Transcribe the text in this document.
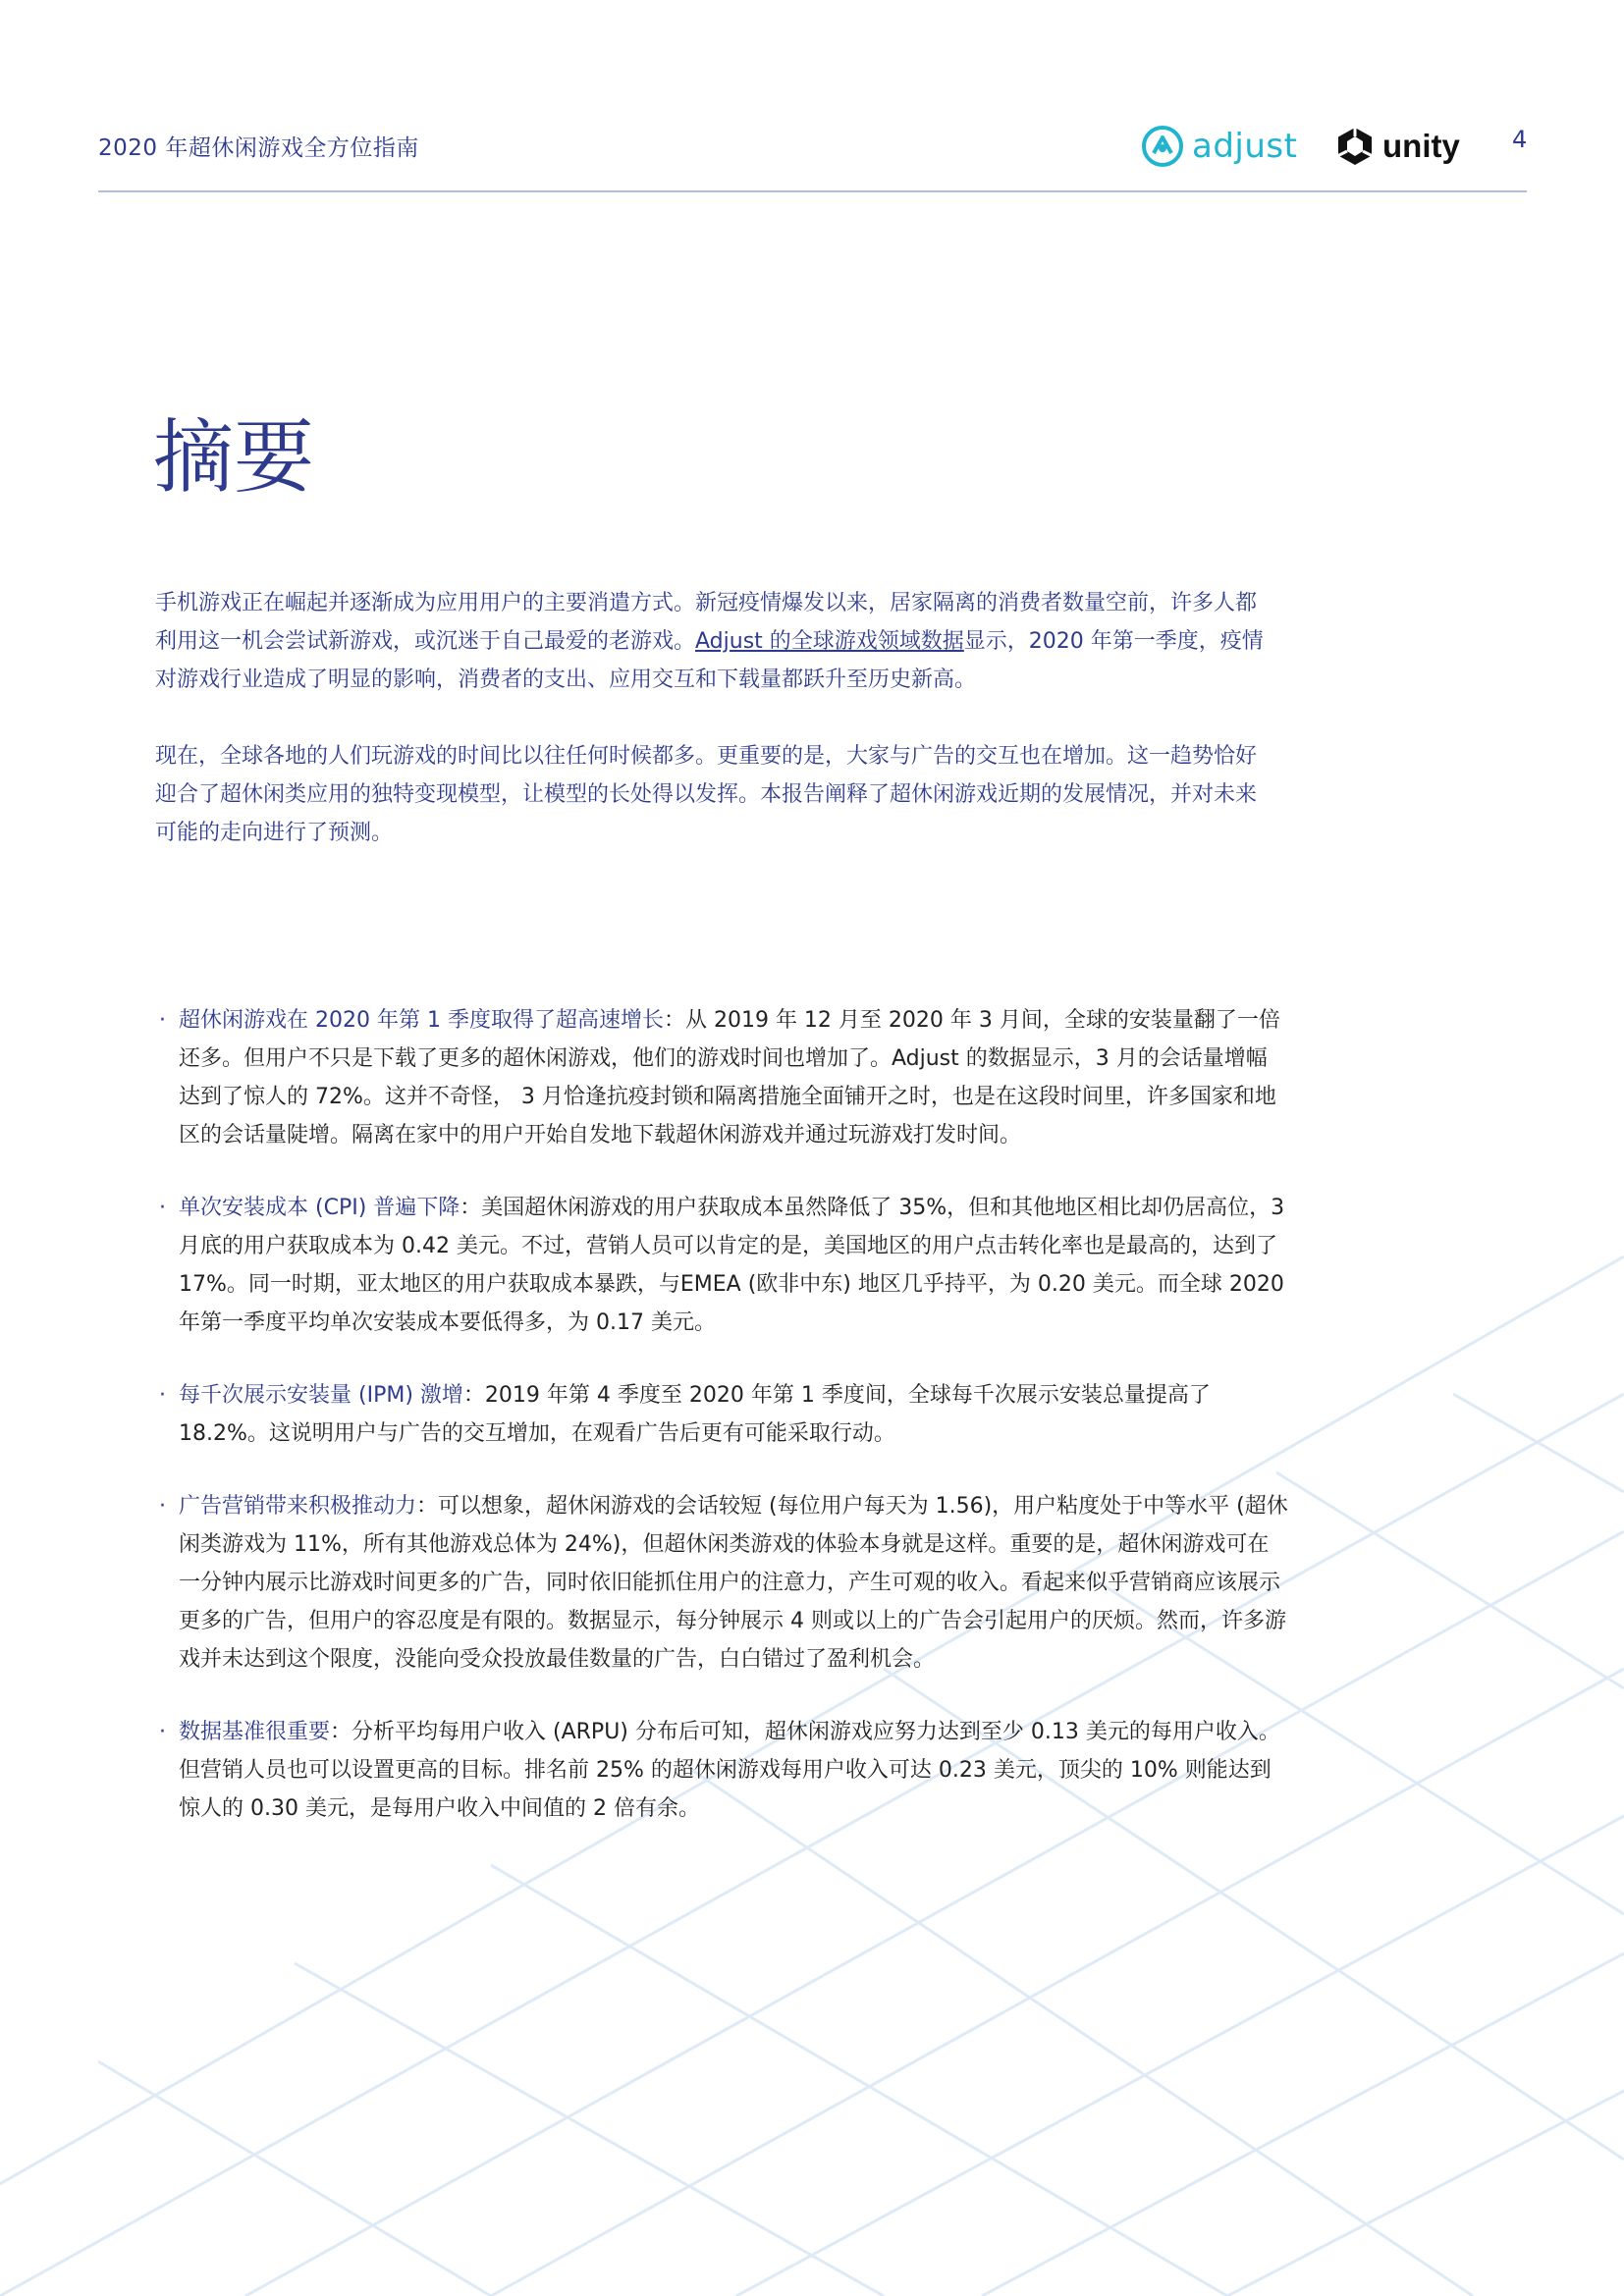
2020 年超休闲游戏全方位指南	adjust	unity 4
摘要

手机游戏正在崛起并逐渐成为应用用户的主要消遣方式。新冠疫情爆发以来，居家隔离的消费者数量空前，许多人都利用这一机会尝试新游戏，或沉迷于自己最爱的老游戏。Adjust 的全球游戏领域数据显示，2020 年第一季度，疫情对游戏行业造成了明显的影响，消费者的支出、应用交互和下载量都跃升至历史新高。

现在，全球各地的人们玩游戏的时间比以往任何时候都多。更重要的是，大家与广告的交互也在增加。这一趋势恰好迎合了超休闲类应用的独特变现模型，让模型的长处得以发挥。本报告阐释了超休闲游戏近期的发展情况，并对未来可能的走向进行了预测。

· 超休闲游戏在 2020 年第 1 季度取得了超高速增长：从 2019 年 12 月至 2020 年 3 月间，全球的安装量翻了一倍还多。但用户不只是下载了更多的超休闲游戏，他们的游戏时间也增加了。Adjust 的数据显示，3 月的会话量增幅达到了惊人的 72%。这并不奇怪， 3 月恰逢抗疫封锁和隔离措施全面铺开之时，也是在这段时间里，许多国家和地区的会话量陡增。隔离在家中的用户开始自发地下载超休闲游戏并通过玩游戏打发时间。

· 单次安装成本 (CPI) 普遍下降：美国超休闲游戏的用户获取成本虽然降低了 35%，但和其他地区相比却仍居高位，3 月底的用户获取成本为 0.42 美元。不过，营销人员可以肯定的是，美国地区的用户点击转化率也是最高的，达到了17%。同一时期，亚太地区的用户获取成本暴跌，与EMEA (欧非中东) 地区几乎持平，为 0.20 美元。而全球 2020 年第一季度平均单次安装成本要低得多，为 0.17 美元。

· 每千次展示安装量 (IPM) 激增：2019 年第 4 季度至 2020 年第 1 季度间，全球每千次展示安装总量提高了 18.2%。这说明用户与广告的交互增加，在观看广告后更有可能采取行动。

· 广告营销带来积极推动力：可以想象，超休闲游戏的会话较短 (每位用户每天为 1.56)，用户粘度处于中等水平 (超休闲类游戏为 11%，所有其他游戏总体为 24%)，但超休闲类游戏的体验本身就是这样。重要的是，超休闲游戏可在一分钟内展示比游戏时间更多的广告，同时依旧能抓住用户的注意力，产生可观的收入。看起来似乎营销商应该展示更多的广告，但用户的容忍度是有限的。数据显示，每分钟展示 4 则或以上的广告会引起用户的厌烦。然而，许多游戏并未达到这个限度，没能向受众投放最佳数量的广告，白白错过了盈利机会。

· 数据基准很重要：分析平均每用户收入 (ARPU) 分布后可知，超休闲游戏应努力达到至少 0.13 美元的每用户收入。但营销人员也可以设置更高的目标。排名前 25% 的超休闲游戏每用户收入可达 0.23 美元，顶尖的 10% 则能达到惊人的 0.30 美元，是每用户收入中间值的 2 倍有余。
